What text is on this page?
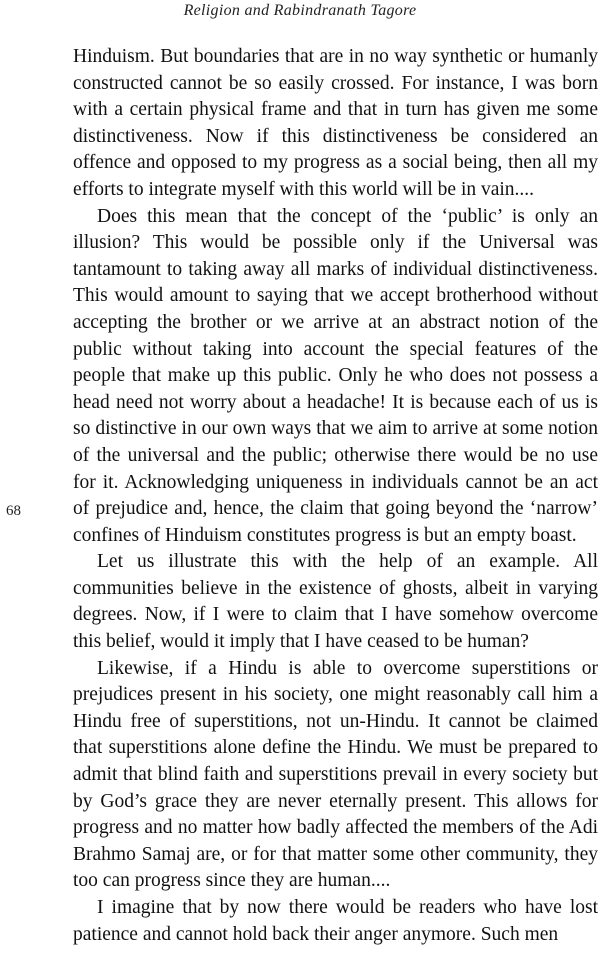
Religion and Rabindranath Tagore
68

Hinduism. But boundaries that are in no way synthetic or humanly constructed cannot be so easily crossed. For instance, I was born with a certain physical frame and that in turn has given me some distinctiveness. Now if this distinctiveness be considered an offence and opposed to my progress as a social being, then all my efforts to integrate myself with this world will be in vain....

Does this mean that the concept of the ‘public’ is only an illusion? This would be possible only if the Universal was tantamount to taking away all marks of individual distinctiveness. This would amount to saying that we accept brotherhood without accepting the brother or we arrive at an abstract notion of the public without taking into account the special features of the people that make up this public. Only he who does not possess a head need not worry about a headache! It is because each of us is so distinctive in our own ways that we aim to arrive at some notion of the universal and the public; otherwise there would be no use for it. Acknowledging uniqueness in individuals cannot be an act of prejudice and, hence, the claim that going beyond the ‘narrow’ confines of Hinduism constitutes progress is but an empty boast.

Let us illustrate this with the help of an example. All communities believe in the existence of ghosts, albeit in varying degrees. Now, if I were to claim that I have somehow overcome this belief, would it imply that I have ceased to be human?

Likewise, if a Hindu is able to overcome superstitions or prejudices present in his society, one might reasonably call him a Hindu free of superstitions, not un-Hindu. It cannot be claimed that superstitions alone define the Hindu. We must be prepared to admit that blind faith and superstitions prevail in every society but by God’s grace they are never eternally present. This allows for progress and no matter how badly affected the members of the Adi Brahmo Samaj are, or for that matter some other community, they too can progress since they are human....

I imagine that by now there would be readers who have lost patience and cannot hold back their anger anymore. Such men
